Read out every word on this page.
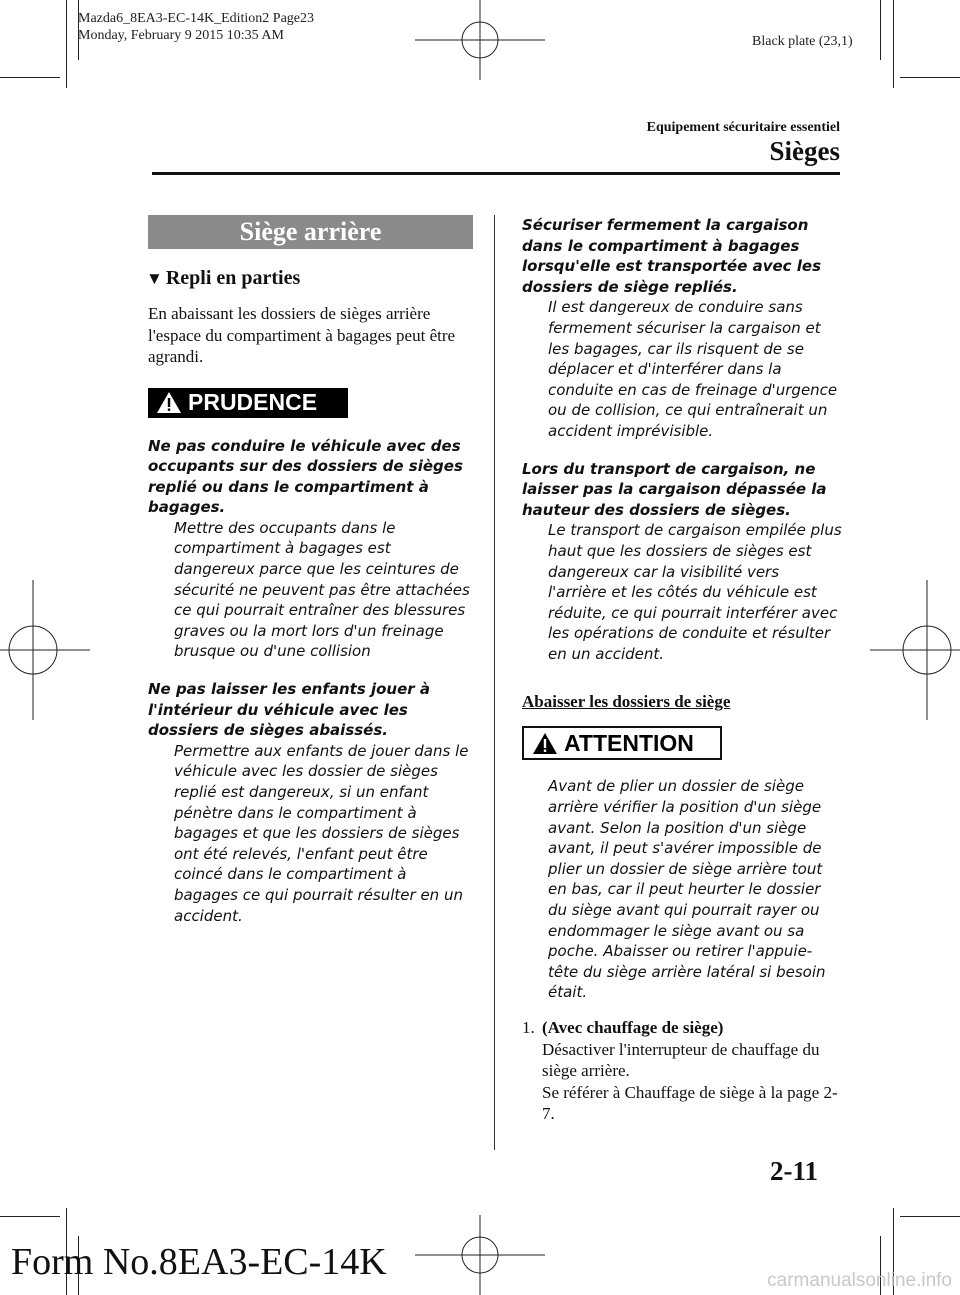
Mazda6_8EA3-EC-14K_Edition2 Page23
Monday, February 9 2015 10:35 AM	Black plate (23,1)
Equipement sécuritaire essentiel
Sièges
Siège arrière
▼ Repli en parties

En abaissant les dossiers de sièges arrière l'espace du compartiment à bagages peut être agrandi.

PRUDENCE

Ne pas conduire le véhicule avec des occupants sur des dossiers de sièges replié ou dans le compartiment à bagages.

Mettre des occupants dans le compartiment à bagages est dangereux parce que les ceintures de sécurité ne peuvent pas être attachées ce qui pourrait entraîner des blessures graves ou la mort lors d'un freinage brusque ou d'une collision

Ne pas laisser les enfants jouer à l'intérieur du véhicule avec les dossiers de sièges abaissés.

Permettre aux enfants de jouer dans le véhicule avec les dossier de sièges replié est dangereux, si un enfant pénètre dans le compartiment à bagages et que les dossiers de sièges ont été relevés, l'enfant peut être coincé dans le compartiment à bagages ce qui pourrait résulter en un accident.

Sécuriser fermement la cargaison dans le compartiment à bagages lorsqu'elle est transportée avec les dossiers de siège repliés.

Il est dangereux de conduire sans fermement sécuriser la cargaison et les bagages, car ils risquent de se déplacer et d'interférer dans la conduite en cas de freinage d'urgence ou de collision, ce qui entraînerait un accident imprévisible.

Lors du transport de cargaison, ne laisser pas la cargaison dépassée la hauteur des dossiers de sièges.

Le transport de cargaison empilée plus haut que les dossiers de sièges est dangereux car la visibilité vers l'arrière et les côtés du véhicule est réduite, ce qui pourrait interférer avec les opérations de conduite et résulter en un accident.

Abaisser les dossiers de siège
ATTENTION

Avant de plier un dossier de siège arrière vérifier la position d'un siège avant. Selon la position d'un siège avant, il peut s'avérer impossible de plier un dossier de siège arrière tout en bas, car il peut heurter le dossier du siège avant qui pourrait rayer ou endommager le siège avant ou sa poche. Abaisser ou retirer l'appuie-tête du siège arrière latéral si besoin était.

1. (Avec chauffage de siège)
Désactiver l'interrupteur de chauffage du siège arrière.
Se référer à Chauffage de siège à la page 2-7.
2-11
Form No.8EA3-EC-14K	carmanualsonline.info
